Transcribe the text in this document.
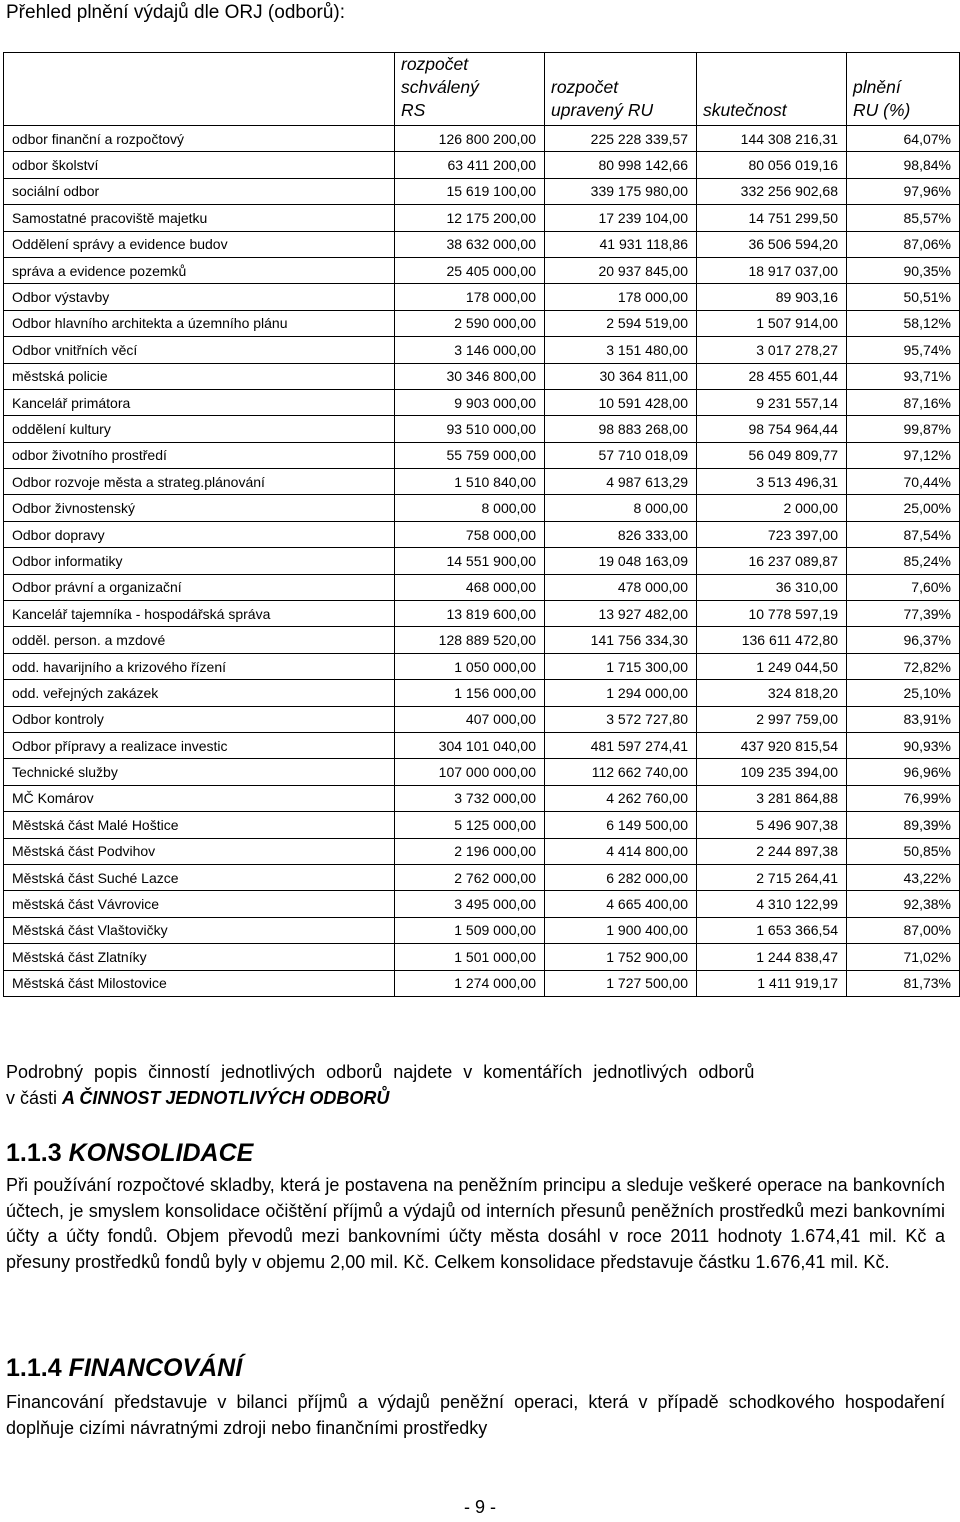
Přehled plnění výdajů dle ORJ (odborů):
	rozpočet
schválený
RS	rozpočet
upravený RU	skutečnost	plnění
RU (%)
odbor finanční a rozpočtový	126 800 200,00	225 228 339,57	144 308 216,31	64,07%
odbor školství	63 411 200,00	80 998 142,66	80 056 019,16	98,84%
sociální odbor	15 619 100,00	339 175 980,00	332 256 902,68	97,96%
Samostatné pracoviště majetku	12 175 200,00	17 239 104,00	14 751 299,50	85,57%
Oddělení správy a evidence budov	38 632 000,00	41 931 118,86	36 506 594,20	87,06%
správa a evidence pozemků	25 405 000,00	20 937 845,00	18 917 037,00	90,35%
Odbor výstavby	178 000,00	178 000,00	89 903,16	50,51%
Odbor hlavního architekta a územního plánu	2 590 000,00	2 594 519,00	1 507 914,00	58,12%
Odbor vnitřních věcí	3 146 000,00	3 151 480,00	3 017 278,27	95,74%
městská policie	30 346 800,00	30 364 811,00	28 455 601,44	93,71%
Kancelář primátora	9 903 000,00	10 591 428,00	9 231 557,14	87,16%
oddělení kultury	93 510 000,00	98 883 268,00	98 754 964,44	99,87%
odbor životního prostředí	55 759 000,00	57 710 018,09	56 049 809,77	97,12%
Odbor rozvoje města a strateg.plánování	1 510 840,00	4 987 613,29	3 513 496,31	70,44%
Odbor živnostenský	8 000,00	8 000,00	2 000,00	25,00%
Odbor dopravy	758 000,00	826 333,00	723 397,00	87,54%
Odbor informatiky	14 551 900,00	19 048 163,09	16 237 089,87	85,24%
Odbor právní a organizační	468 000,00	478 000,00	36 310,00	7,60%
Kancelář tajemníka - hospodářská správa	13 819 600,00	13 927 482,00	10 778 597,19	77,39%
odděl. person. a mzdové	128 889 520,00	141 756 334,30	136 611 472,80	96,37%
odd. havarijního a krizového řízení	1 050 000,00	1 715 300,00	1 249 044,50	72,82%
odd. veřejných zakázek	1 156 000,00	1 294 000,00	324 818,20	25,10%
Odbor kontroly	407 000,00	3 572 727,80	2 997 759,00	83,91%
Odbor přípravy a realizace investic	304 101 040,00	481 597 274,41	437 920 815,54	90,93%
Technické služby	107 000 000,00	112 662 740,00	109 235 394,00	96,96%
MČ Komárov	3 732 000,00	4 262 760,00	3 281 864,88	76,99%
Městská část Malé Hoštice	5 125 000,00	6 149 500,00	5 496 907,38	89,39%
Městská část Podvihov	2 196 000,00	4 414 800,00	2 244 897,38	50,85%
Městská část Suché Lazce	2 762 000,00	6 282 000,00	2 715 264,41	43,22%
městská část Vávrovice	3 495 000,00	4 665 400,00	4 310 122,99	92,38%
Městská část Vlaštovičky	1 509 000,00	1 900 400,00	1 653 366,54	87,00%
Městská část Zlatníky	1 501 000,00	1 752 900,00	1 244 838,47	71,02%
Městská část Milostovice	1 274 000,00	1 727 500,00	1 411 919,17	81,73%
Podrobný popis činností jednotlivých odborů najdete v komentářích jednotlivých odborů
v části A ČINNOST JEDNOTLIVÝCH ODBORŮ
1.1.3 KONSOLIDACE
Při používání rozpočtové skladby, která je postavena na peněžním principu a sleduje veškeré operace na bankovních účtech, je smyslem konsolidace očištění příjmů a výdajů od interních přesunů peněžních prostředků mezi bankovními účty a účty fondů. Objem převodů mezi bankovními účty města dosáhl v roce 2011 hodnoty 1.674,41 mil. Kč a přesuny prostředků fondů byly v objemu 2,00 mil. Kč. Celkem konsolidace představuje částku 1.676,41 mil. Kč.
1.1.4 FINANCOVÁNÍ
Financování představuje v bilanci příjmů a výdajů peněžní operaci, která v případě schodkového hospodaření doplňuje cizími návratnými zdroji nebo finančními prostředky
- 9 -
